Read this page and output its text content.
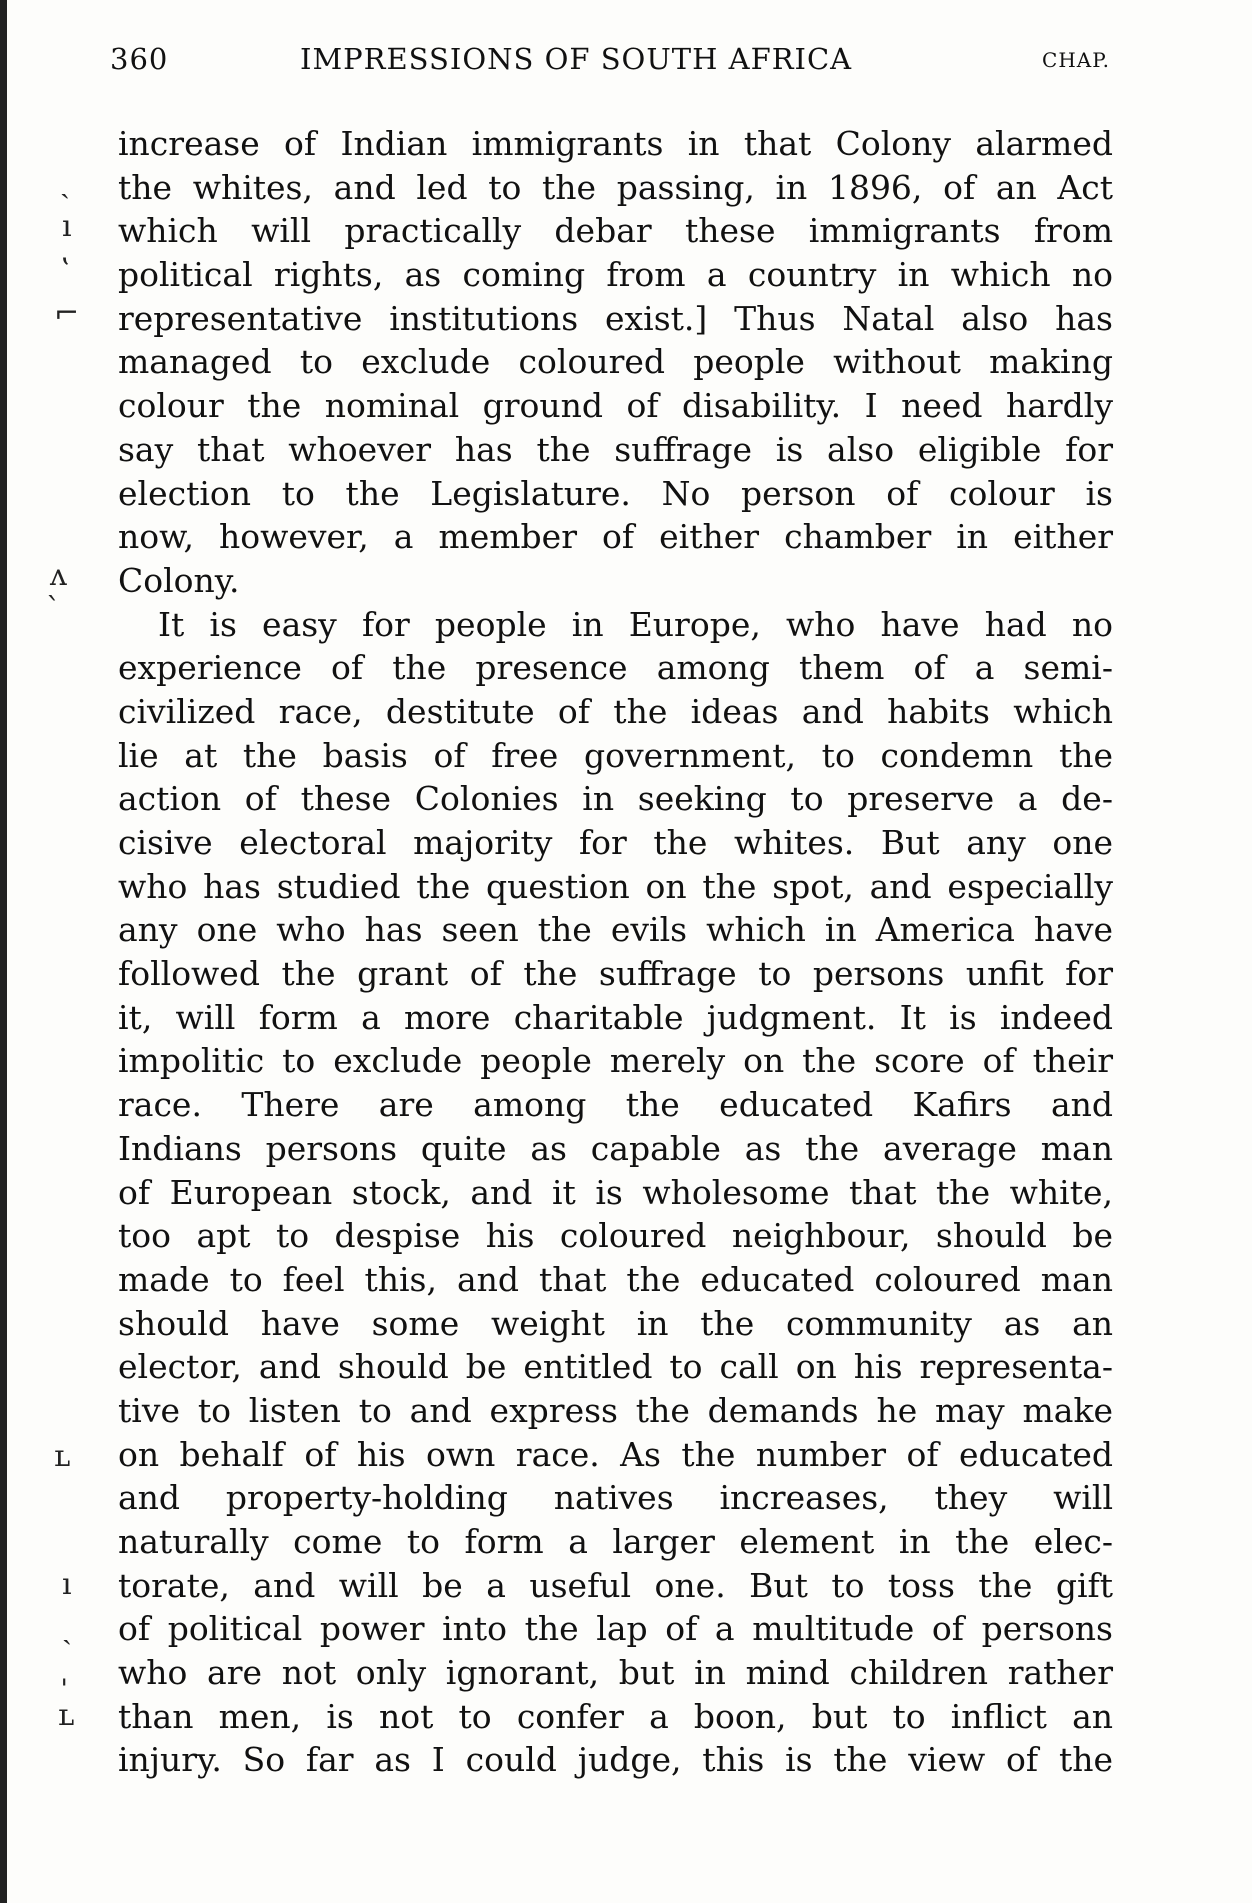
360	IMPRESSIONS OF SOUTH AFRICA	CHAP.
ˎ
ı
ʽ
⌐
ʌ
ˋ
ʟ
ı
ˏ
ˌ
ʟ
increase of Indian immigrants in that Colony alarmed
the whites, and led to the passing, in 1896, of an Act
which will practically debar these immigrants from
political rights, as coming from a country in which no
representative institutions exist.] Thus Natal also has
managed to exclude coloured people without making
colour the nominal ground of disability. I need hardly
say that whoever has the suffrage is also eligible for
election to the Legislature. No person of colour is
now, however, a member of either chamber in either
Colony.
It is easy for people in Europe, who have had no
experience of the presence among them of a semi-
civilized race, destitute of the ideas and habits which
lie at the basis of free government, to condemn the
action of these Colonies in seeking to preserve a de-
cisive electoral majority for the whites. But any one
who has studied the question on the spot, and especially
any one who has seen the evils which in America have
followed the grant of the suffrage to persons unfit for
it, will form a more charitable judgment. It is indeed
impolitic to exclude people merely on the score of their
race. There are among the educated Kafirs and
Indians persons quite as capable as the average man
of European stock, and it is wholesome that the white,
too apt to despise his coloured neighbour, should be
made to feel this, and that the educated coloured man
should have some weight in the community as an
elector, and should be entitled to call on his representa-
tive to listen to and express the demands he may make
on behalf of his own race. As the number of educated
and property-holding natives increases, they will
naturally come to form a larger element in the elec-
torate, and will be a useful one. But to toss the gift
of political power into the lap of a multitude of persons
who are not only ignorant, but in mind children rather
than men, is not to confer a boon, but to inflict an
injury. So far as I could judge, this is the view of the
